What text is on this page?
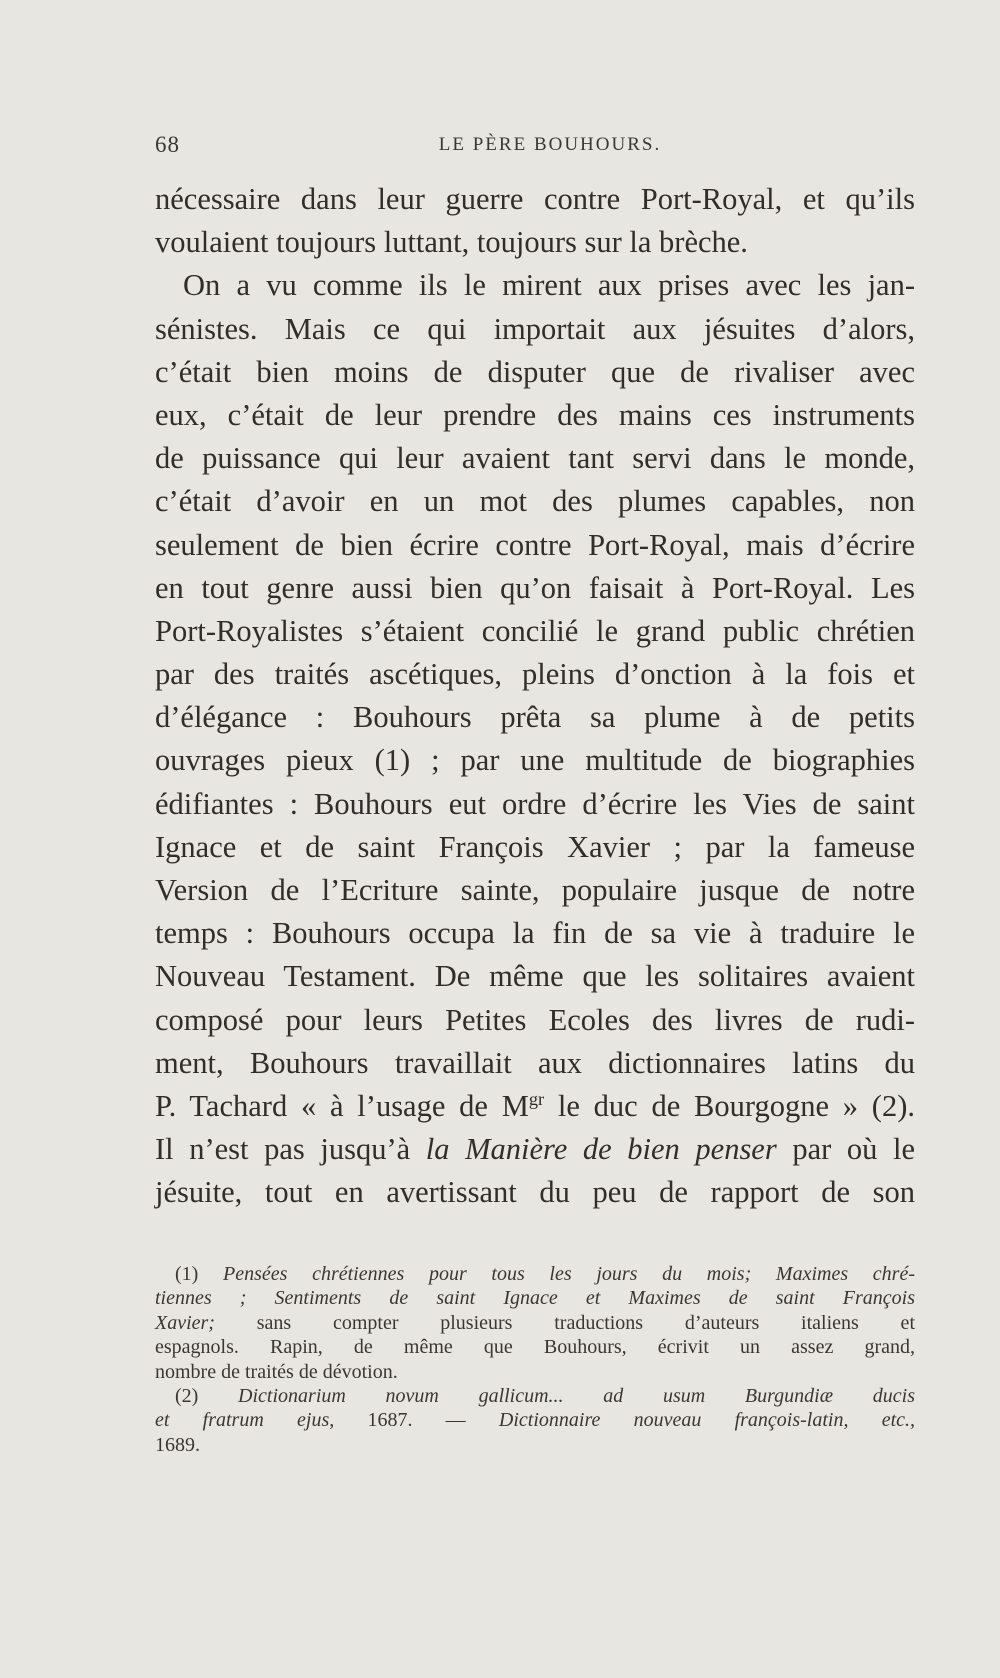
68	LE PÈRE BOUHOURS.
nécessaire dans leur guerre contre Port-Royal, et qu’ils
voulaient toujours luttant, toujours sur la brèche.
On a vu comme ils le mirent aux prises avec les jan-
sénistes. Mais ce qui importait aux jésuites d’alors,
c’était bien moins de disputer que de rivaliser avec
eux, c’était de leur prendre des mains ces instruments
de puissance qui leur avaient tant servi dans le monde,
c’était d’avoir en un mot des plumes capables, non
seulement de bien écrire contre Port-Royal, mais d’écrire
en tout genre aussi bien qu’on faisait à Port-Royal. Les
Port-Royalistes s’étaient concilié le grand public chrétien
par des traités ascétiques, pleins d’onction à la fois et
d’élégance : Bouhours prêta sa plume à de petits
ouvrages pieux (1) ; par une multitude de biographies
édifiantes : Bouhours eut ordre d’écrire les Vies de saint
Ignace et de saint François Xavier ; par la fameuse
Version de l’Ecriture sainte, populaire jusque de notre
temps : Bouhours occupa la fin de sa vie à traduire le
Nouveau Testament. De même que les solitaires avaient
composé pour leurs Petites Ecoles des livres de rudi-
ment, Bouhours travaillait aux dictionnaires latins du
P. Tachard « à l’usage de $M^{gr}$ le duc de Bourgogne » (2).
Il n’est pas jusqu’à la Manière de bien penser par où le
jésuite, tout en avertissant du peu de rapport de son
(1) Pensées chrétiennes pour tous les jours du mois; Maximes chré-
tiennes ; Sentiments de saint Ignace et Maximes de saint François
Xavier; sans compter plusieurs traductions d’auteurs italiens et
espagnols. Rapin, de même que Bouhours, écrivit un assez grand,
nombre de traités de dévotion.
(2) Dictionarium novum gallicum... ad usum Burgundiæ ducis
et fratrum ejus, 1687. — Dictionnaire nouveau françois-latin, etc.,
1689.
